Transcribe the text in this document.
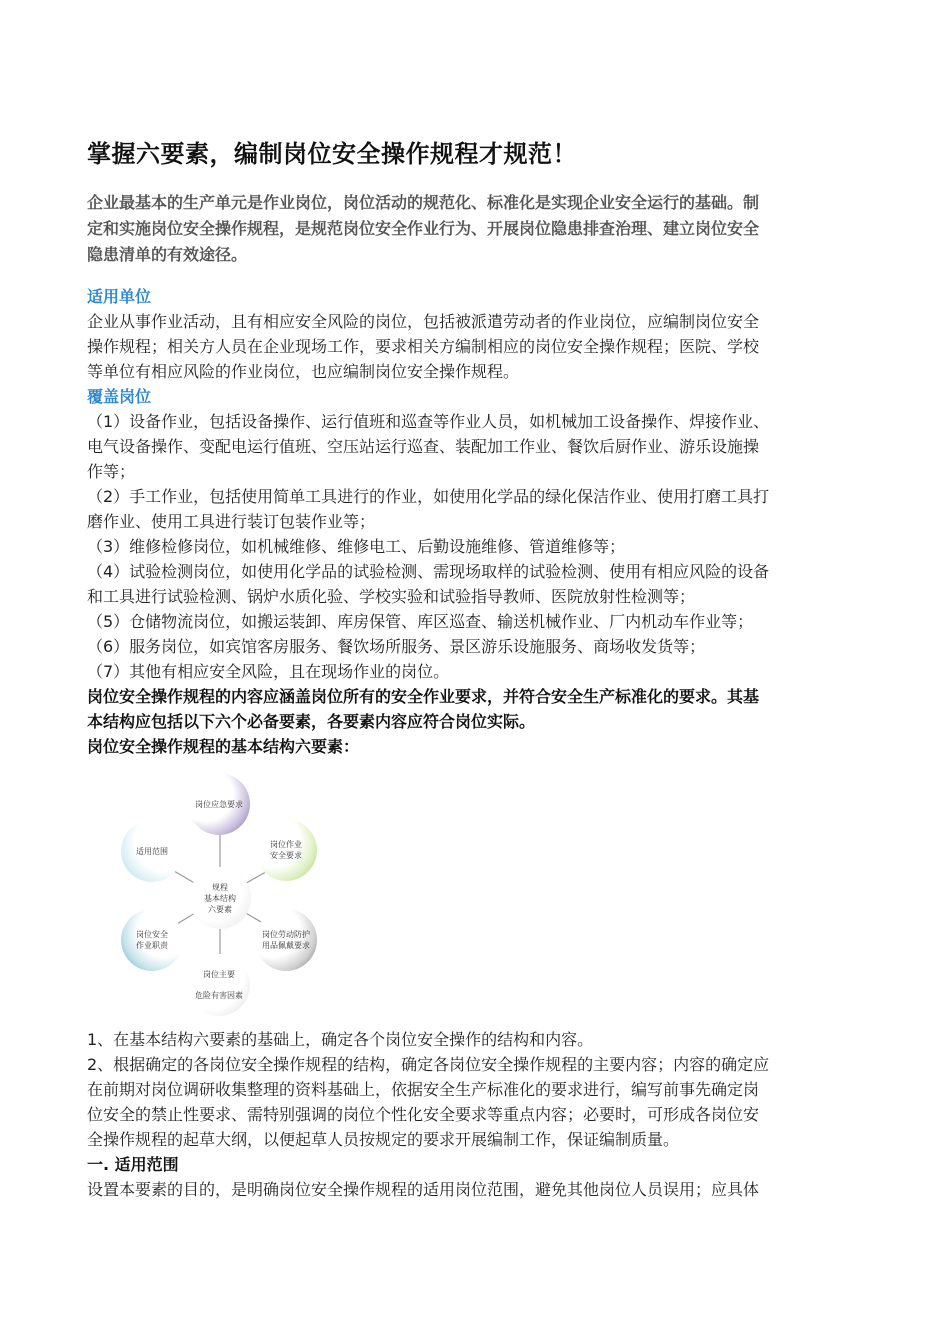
掌握六要素，编制岗位安全操作规程才规范！
企业最基本的生产单元是作业岗位，岗位活动的规范化、标准化是实现企业安全运行的基础。制
定和实施岗位安全操作规程，是规范岗位安全作业行为、开展岗位隐患排查治理、建立岗位安全
隐患清单的有效途径。
适用单位
企业从事作业活动，且有相应安全风险的岗位，包括被派遣劳动者的作业岗位，应编制岗位安全
操作规程；相关方人员在企业现场工作，要求相关方编制相应的岗位安全操作规程；医院、学校
等单位有相应风险的作业岗位，也应编制岗位安全操作规程。
覆盖岗位
（1）设备作业，包括设备操作、运行值班和巡查等作业人员，如机械加工设备操作、焊接作业、
电气设备操作、变配电运行值班、空压站运行巡查、装配加工作业、餐饮后厨作业、游乐设施操
作等；
（2）手工作业，包括使用简单工具进行的作业，如使用化学品的绿化保洁作业、使用打磨工具打
磨作业、使用工具进行装订包装作业等；
（3）维修检修岗位，如机械维修、维修电工、后勤设施维修、管道维修等；
（4）试验检测岗位，如使用化学品的试验检测、需现场取样的试验检测、使用有相应风险的设备
和工具进行试验检测、锅炉水质化验、学校实验和试验指导教师、医院放射性检测等；
（5）仓储物流岗位，如搬运装卸、库房保管、库区巡查、输送机械作业、厂内机动车作业等；
（6）服务岗位，如宾馆客房服务、餐饮场所服务、景区游乐设施服务、商场收发货等；
（7）其他有相应安全风险，且在现场作业的岗位。
岗位安全操作规程的内容应涵盖岗位所有的安全作业要求，并符合安全生产标准化的要求。其基
本结构应包括以下六个必备要素，各要素内容应符合岗位实际。
岗位安全操作规程的基本结构六要素：
规程
基本结构
六要素
岗位应急要求
岗位作业
安全要求
岗位劳动防护
用品佩戴要求
岗位主要
危险有害因素
岗位安全
作业职责
适用范围
1、在基本结构六要素的基础上，确定各个岗位安全操作的结构和内容。
2、根据确定的各岗位安全操作规程的结构，确定各岗位安全操作规程的主要内容；内容的确定应
在前期对岗位调研收集整理的资料基础上，依据安全生产标准化的要求进行，编写前事先确定岗
位安全的禁止性要求、需特别强调的岗位个性化安全要求等重点内容；必要时，可形成各岗位安
全操作规程的起草大纲，以便起草人员按规定的要求开展编制工作，保证编制质量。
一. 适用范围
设置本要素的目的，是明确岗位安全操作规程的适用岗位范围，避免其他岗位人员误用；应具体
